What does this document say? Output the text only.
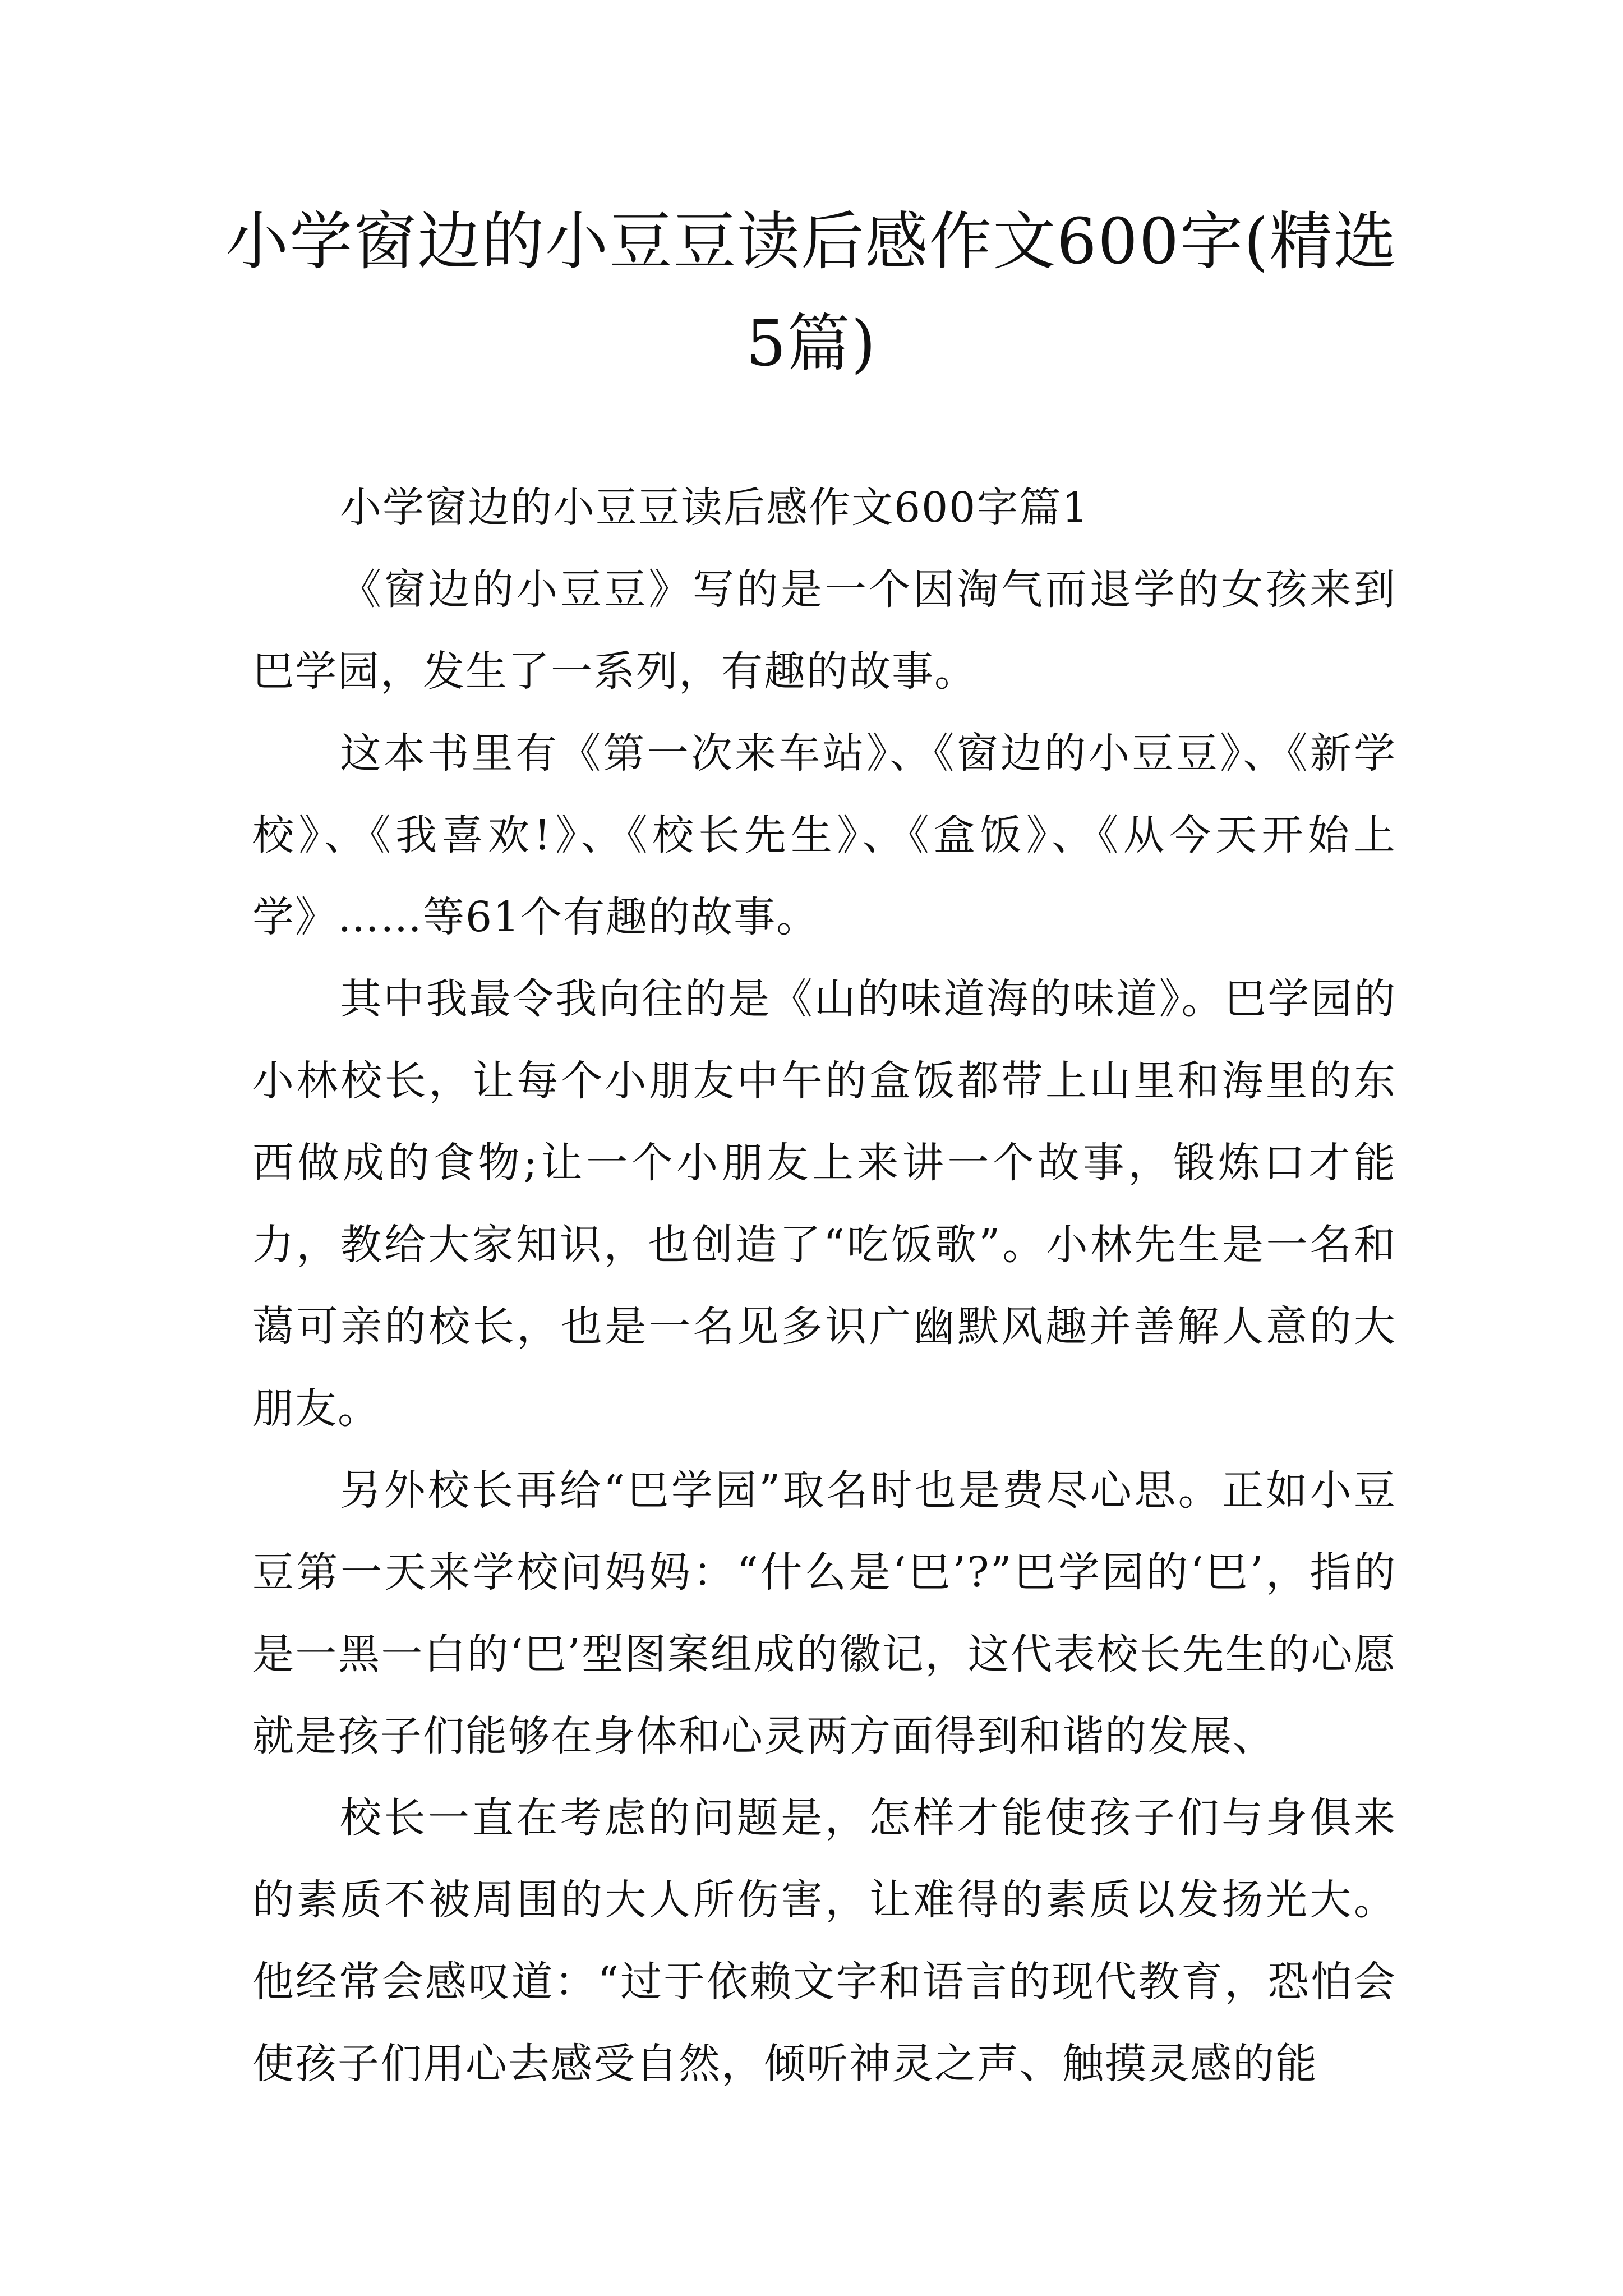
小学窗边的小豆豆读后感作文600字(精选5篇)

小学窗边的小豆豆读后感作文600字篇1

《窗边的小豆豆》写的是一个因淘气而退学的女孩来到巴学园，发生了一系列，有趣的故事。

这本书里有《第一次来车站》、《窗边的小豆豆》、《新学校》、《我喜欢!》、《校长先生》、《盒饭》、《从今天开始上学》……等61个有趣的故事。

其中我最令我向往的是《山的味道海的味道》。巴学园的小林校长，让每个小朋友中午的盒饭都带上山里和海里的东西做成的食物;让一个小朋友上来讲一个故事，锻炼口才能力，教给大家知识，也创造了“吃饭歌”。小林先生是一名和蔼可亲的校长，也是一名见多识广幽默风趣并善解人意的大朋友。

另外校长再给“巴学园”取名时也是费尽心思。正如小豆豆第一天来学校问妈妈：“什么是‘巴’?”巴学园的‘巴’，指的是一黑一白的‘巴’型图案组成的徽记，这代表校长先生的心愿就是孩子们能够在身体和心灵两方面得到和谐的发展、

校长一直在考虑的问题是，怎样才能使孩子们与身俱来的素质不被周围的大人所伤害，让难得的素质以发扬光大。他经常会感叹道：“过于依赖文字和语言的现代教育，恐怕会使孩子们用心去感受自然，倾听神灵之声、触摸灵感的能
